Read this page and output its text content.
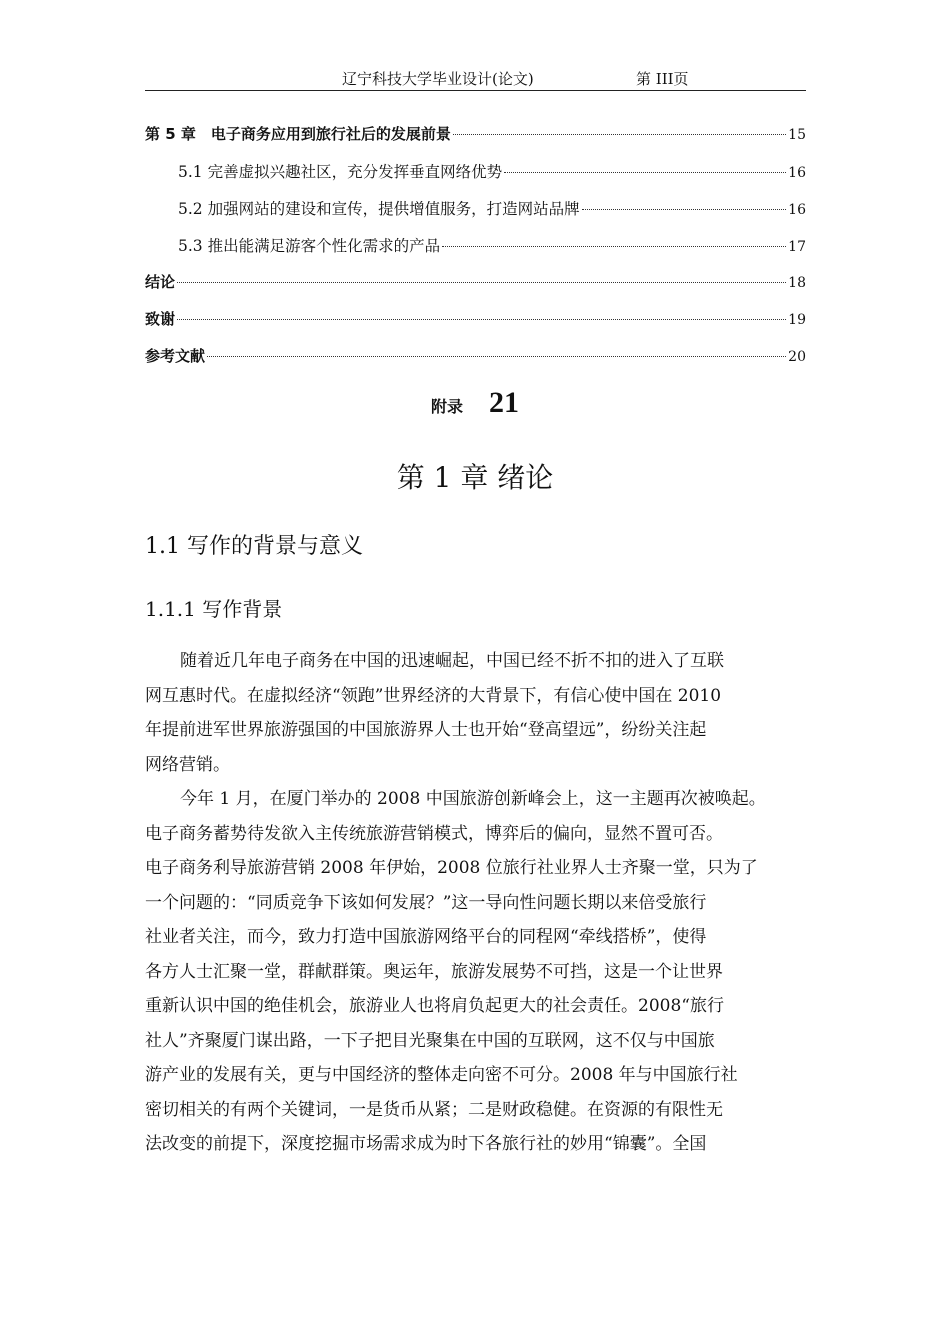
辽宁科技大学毕业设计(论文)	第 III页
第 5 章　电子商务应用到旅行社后的发展前景	15
5.1 完善虚拟兴趣社区，充分发挥垂直网络优势	16
5.2 加强网站的建设和宣传，提供增值服务，打造网站品牌	16
5.3 推出能满足游客个性化需求的产品	17
结论	18
致谢	19
参考文献	20
附录 21
第 1 章 绪论
1.1 写作的背景与意义
1.1.1 写作背景

随着近几年电子商务在中国的迅速崛起，中国已经不折不扣的进入了互联
网互惠时代。在虚拟经济“领跑”世界经济的大背景下，有信心使中国在 2010
年提前进军世界旅游强国的中国旅游界人士也开始“登高望远”，纷纷关注起
网络营销。

今年 1 月，在厦门举办的 2008 中国旅游创新峰会上，这一主题再次被唤起。
电子商务蓄势待发欲入主传统旅游营销模式，博弈后的偏向，显然不置可否。
电子商务利导旅游营销 2008 年伊始，2008 位旅行社业界人士齐聚一堂，只为了
一个问题的：“同质竞争下该如何发展？”这一导向性问题长期以来倍受旅行
社业者关注，而今，致力打造中国旅游网络平台的同程网“牵线搭桥”，使得
各方人士汇聚一堂，群献群策。奥运年，旅游发展势不可挡，这是一个让世界
重新认识中国的绝佳机会，旅游业人也将肩负起更大的社会责任。2008“旅行
社人”齐聚厦门谋出路，一下子把目光聚集在中国的互联网，这不仅与中国旅
游产业的发展有关，更与中国经济的整体走向密不可分。2008 年与中国旅行社
密切相关的有两个关键词，一是货币从紧；二是财政稳健。在资源的有限性无
法改变的前提下，深度挖掘市场需求成为时下各旅行社的妙用“锦囊”。全国
